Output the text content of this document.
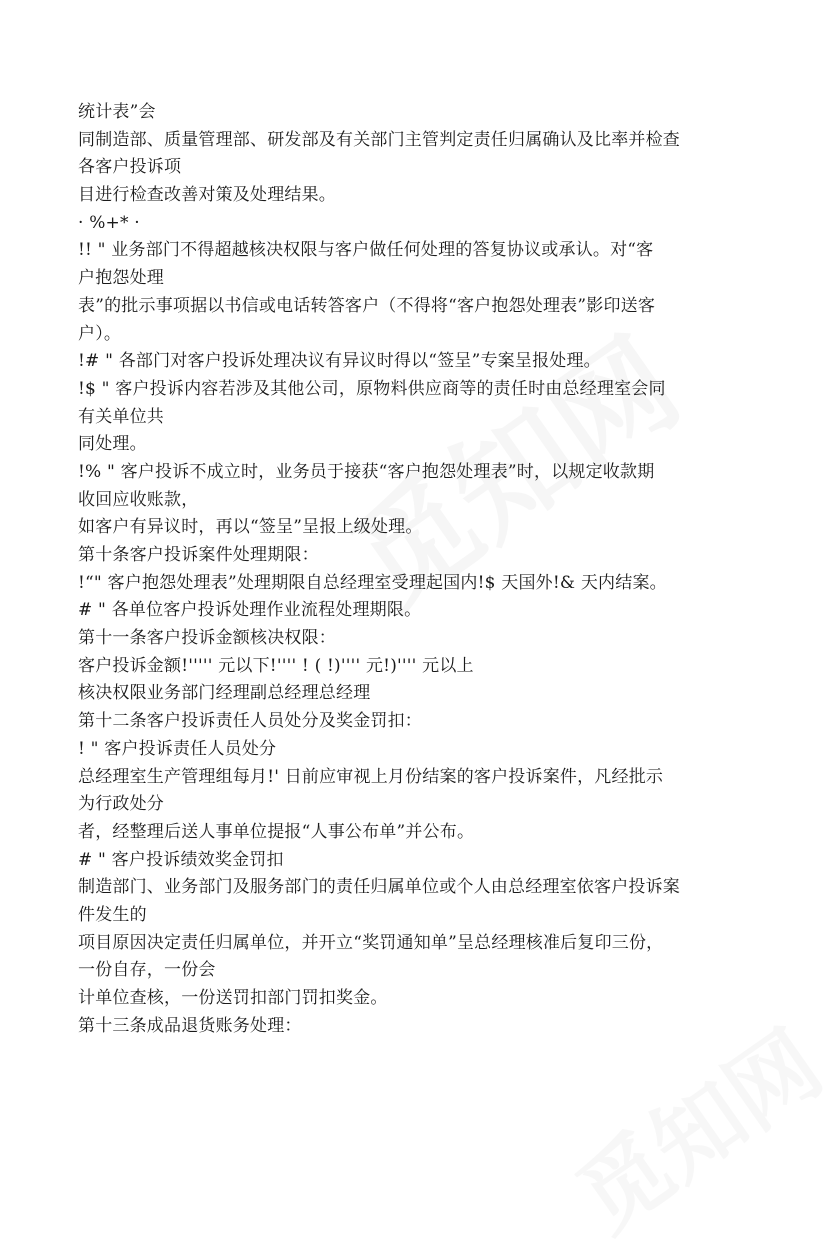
统计表”会
同制造部、质量管理部、研发部及有关部门主管判定责任归属确认及比率并检查
各客户投诉项
目进行检查改善对策及处理结果。
· %+* ·
!! " 业务部门不得超越核决权限与客户做任何处理的答复协议或承认。对“客
户抱怨处理
表”的批示事项据以书信或电话转答客户（不得将“客户抱怨处理表”影印送客
户）。
!# " 各部门对客户投诉处理决议有异议时得以“签呈”专案呈报处理。
!$ " 客户投诉内容若涉及其他公司，原物料供应商等的责任时由总经理室会同
有关单位共
同处理。
!% " 客户投诉不成立时，业务员于接获“客户抱怨处理表”时，以规定收款期
收回应收账款，
如客户有异议时，再以“签呈”呈报上级处理。
第十条客户投诉案件处理期限：
!“" 客户抱怨处理表”处理期限自总经理室受理起国内!$ 天国外!& 天内结案。
# " 各单位客户投诉处理作业流程处理期限。
第十一条客户投诉金额核决权限：
客户投诉金额!''''' 元以下!'''' ! ( !)'''' 元!)'''' 元以上
核决权限业务部门经理副总经理总经理
第十二条客户投诉责任人员处分及奖金罚扣：
! " 客户投诉责任人员处分
总经理室生产管理组每月!' 日前应审视上月份结案的客户投诉案件，凡经批示
为行政处分
者，经整理后送人事单位提报“人事公布单”并公布。
# " 客户投诉绩效奖金罚扣
制造部门、业务部门及服务部门的责任归属单位或个人由总经理室依客户投诉案
件发生的
项目原因决定责任归属单位，并开立“奖罚通知单”呈总经理核准后复印三份，
一份自存，一份会
计单位查核，一份送罚扣部门罚扣奖金。
第十三条成品退货账务处理：
